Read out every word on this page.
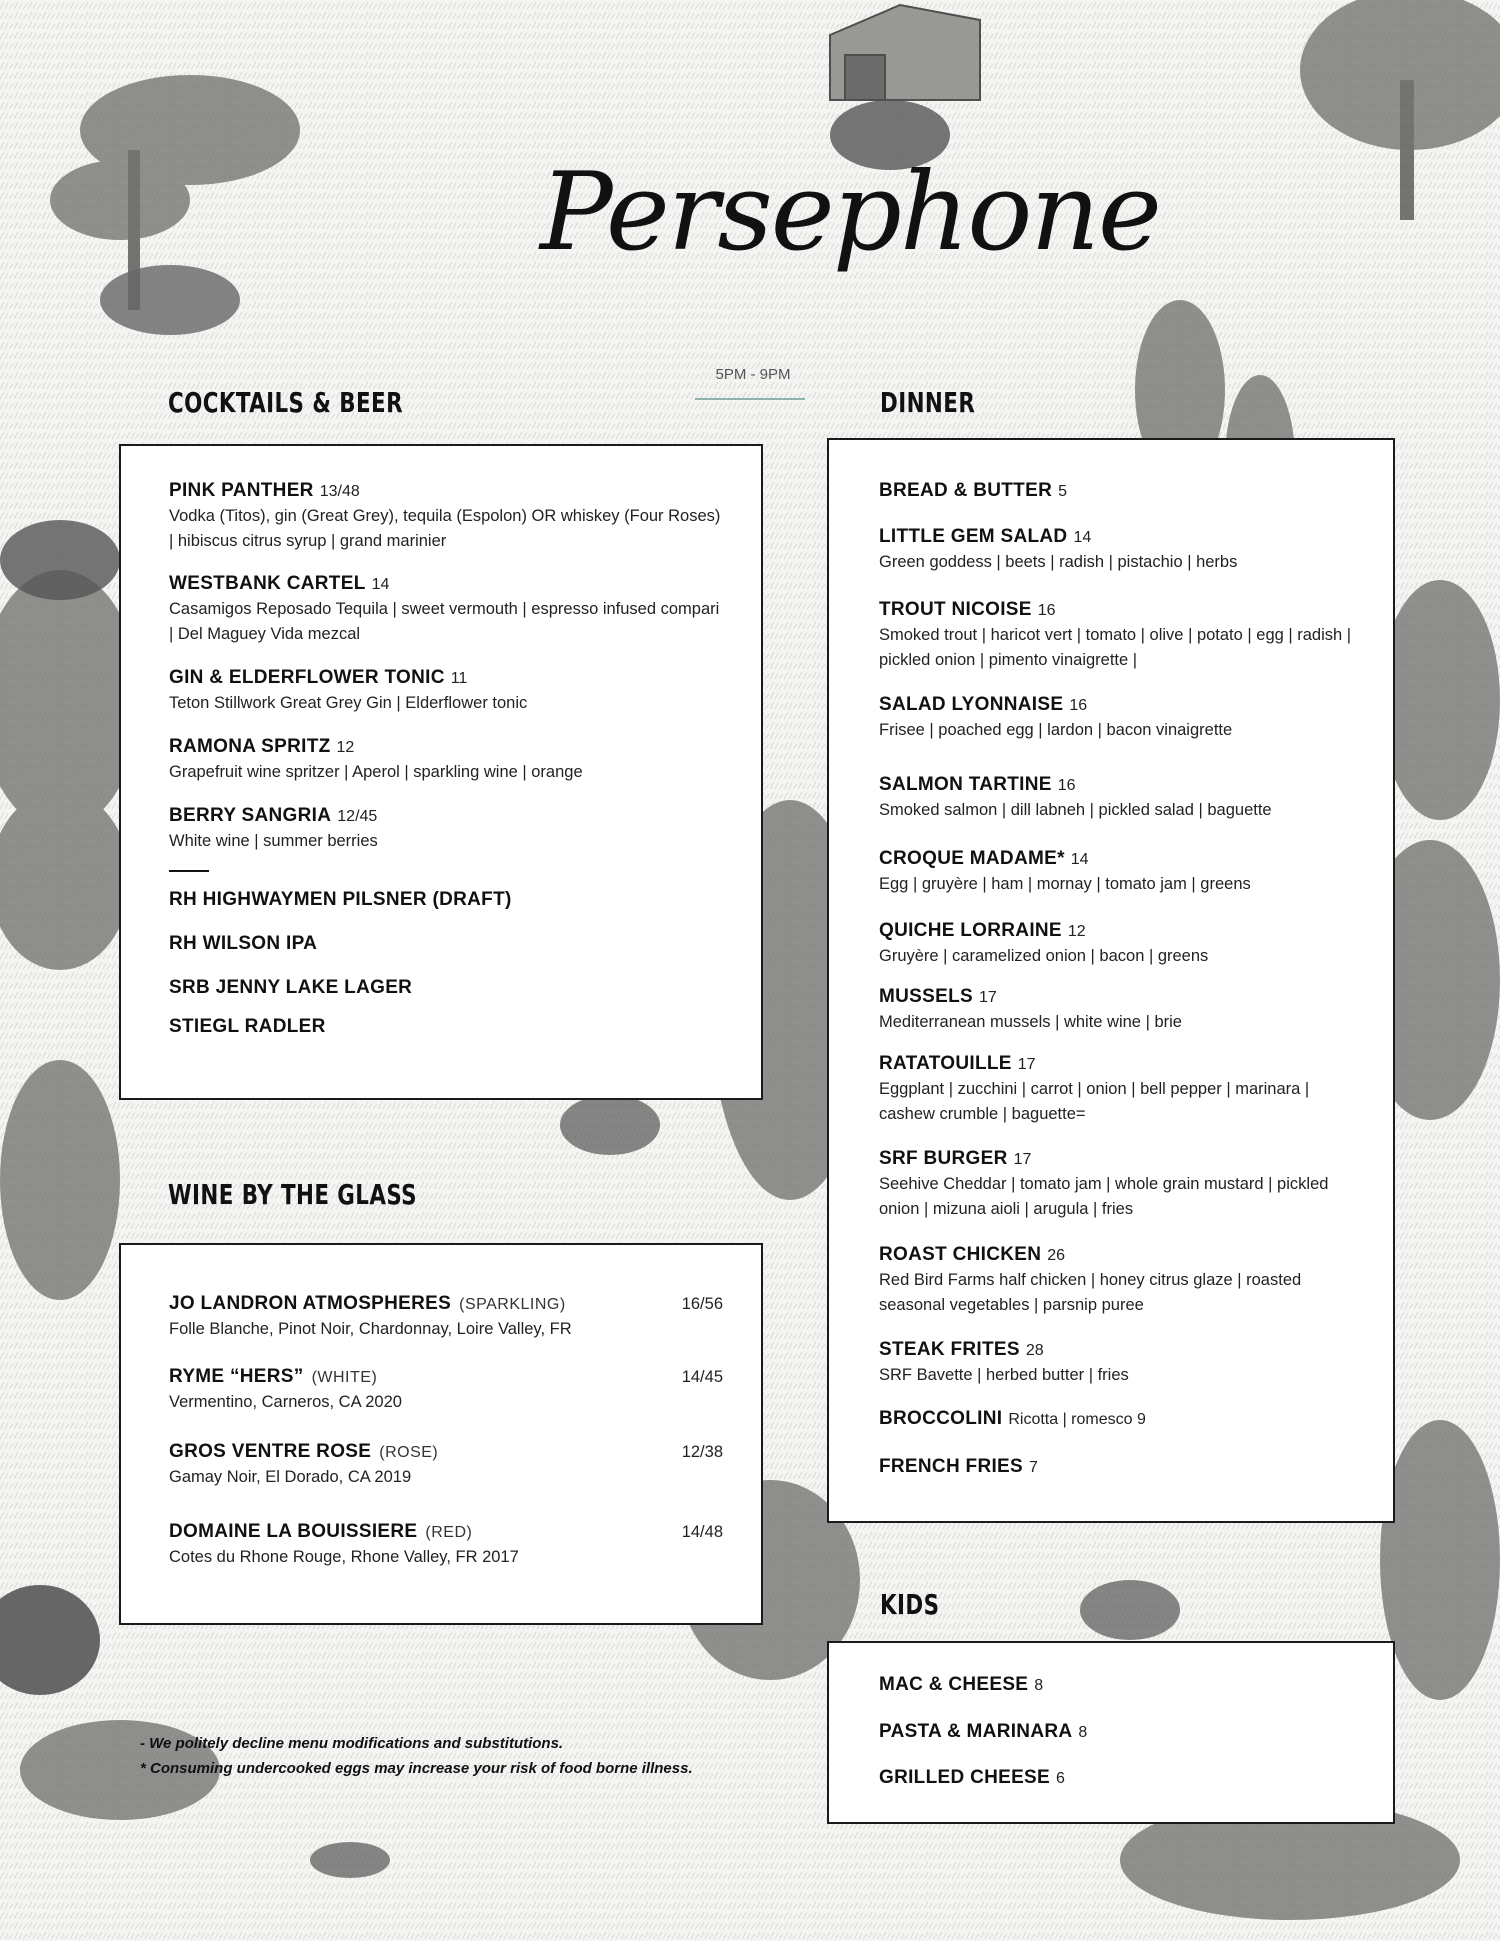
Persephone
5PM - 9PM
COCKTAILS & BEER	DINNER
WINE BY THE GLASS
KIDS
PINK PANTHER 13/48
Vodka (Titos), gin (Great Grey), tequila (Espolon) OR whiskey (Four Roses) | hibiscus citrus syrup | grand marinier
WESTBANK CARTEL 14
Casamigos Reposado Tequila | sweet vermouth | espresso infused compari | Del Maguey Vida mezcal
GIN & ELDERFLOWER TONIC 11
Teton Stillwork Great Grey Gin | Elderflower tonic
RAMONA SPRITZ 12
Grapefruit wine spritzer | Aperol | sparkling wine | orange
BERRY SANGRIA 12/45
White wine | summer berries
RH HIGHWAYMEN PILSNER (DRAFT)
RH WILSON IPA
SRB JENNY LAKE LAGER
STIEGL RADLER
JO LANDRON ATMOSPHERES (SPARKLING)	16/56
Folle Blanche, Pinot Noir, Chardonnay, Loire Valley, FR
RYME “HERS” (WHITE)	14/45
Vermentino, Carneros, CA 2020
GROS VENTRE ROSE (ROSE)	12/38
Gamay Noir, El Dorado, CA 2019
DOMAINE LA BOUISSIERE (RED)	14/48
Cotes du Rhone Rouge, Rhone Valley, FR 2017
BREAD & BUTTER 5
LITTLE GEM SALAD 14
Green goddess | beets | radish | pistachio | herbs
TROUT NICOISE 16
Smoked trout | haricot vert | tomato | olive | potato | egg | radish | pickled onion | pimento vinaigrette |
SALAD LYONNAISE 16
Frisee | poached egg | lardon | bacon vinaigrette
SALMON TARTINE 16
Smoked salmon | dill labneh | pickled salad | baguette
CROQUE MADAME* 14
Egg | gruyère | ham | mornay | tomato jam | greens
QUICHE LORRAINE 12
Gruyère | caramelized onion | bacon | greens
MUSSELS 17
Mediterranean mussels | white wine | brie
RATATOUILLE 17
Eggplant | zucchini | carrot | onion | bell pepper | marinara | cashew crumble | baguette=
SRF BURGER 17
Seehive Cheddar | tomato jam | whole grain mustard | pickled onion | mizuna aioli | arugula | fries
ROAST CHICKEN 26
Red Bird Farms half chicken | honey citrus glaze | roasted seasonal vegetables | parsnip puree
STEAK FRITES 28
SRF Bavette | herbed butter | fries
BROCCOLINI Ricotta | romesco 9
FRENCH FRIES 7
MAC & CHEESE 8
PASTA & MARINARA 8
GRILLED CHEESE 6
- We politely decline menu modifications and substitutions.
* Consuming undercooked eggs may increase your risk of food borne illness.
